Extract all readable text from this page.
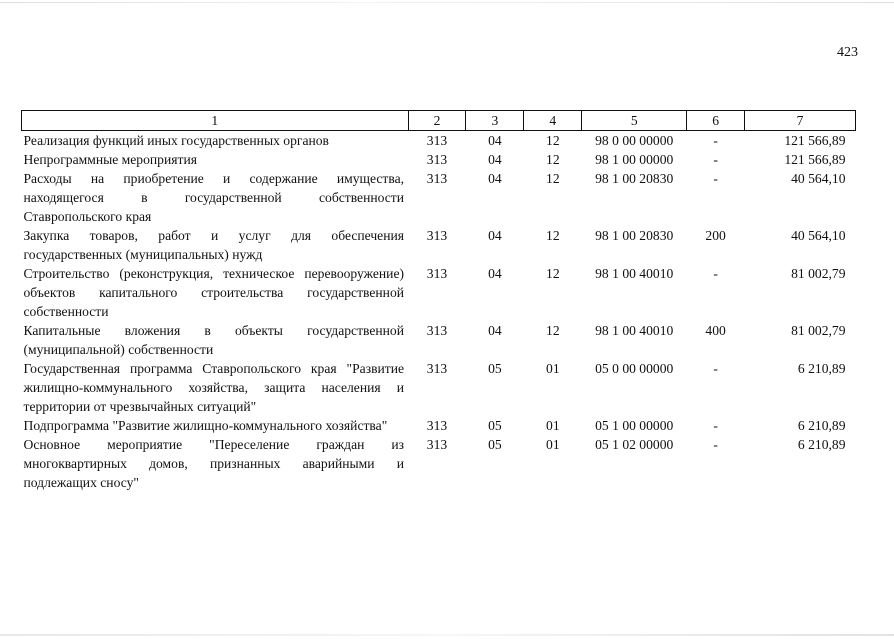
423
1	2	3	4	5	6	7
Реализация функций иных государственных органов	313	04	12	98 0 00 00000	-	121 566,89
Непрограммные мероприятия	313	04	12	98 1 00 00000	-	121 566,89
Расходы на приобретение и содержание имущества, находящегося в государственной собственности Ставропольского края	313	04	12	98 1 00 20830	-	40 564,10
Закупка товаров, работ и услуг для обеспечения государственных (муниципальных) нужд	313	04	12	98 1 00 20830	200	40 564,10
Строительство (реконструкция, техническое перевооружение) объектов капитального строительства государственной собственности	313	04	12	98 1 00 40010	-	81 002,79
Капитальные вложения в объекты государственной (муниципальной) собственности	313	04	12	98 1 00 40010	400	81 002,79
Государственная программа Ставропольского края "Развитие жилищно-коммунального хозяйства, защита населения и территории от чрезвычайных ситуаций"	313	05	01	05 0 00 00000	-	6 210,89
Подпрограмма "Развитие жилищно-коммунального хозяйства"	313	05	01	05 1 00 00000	-	6 210,89
Основное мероприятие "Переселение граждан из многоквартирных домов, признанных аварийными и подлежащих сносу"	313	05	01	05 1 02 00000	-	6 210,89
